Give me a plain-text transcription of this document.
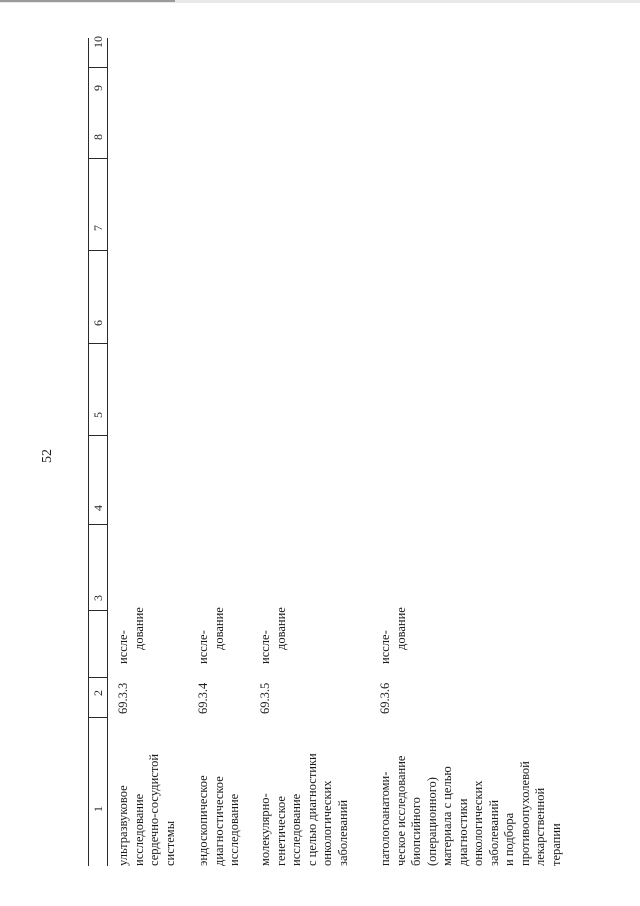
52
1
2
3
4
5
6
7
8
9
10
ультразвуковое исследование сердечно-сосудистой системы
69.3.3
иссле- дование
эндоскопическое диагностическое исследование
69.3.4
иссле- дование
молекулярно- генетическое исследование с целью диагностики онкологических заболеваний
69.3.5
иссле- дование
патологоанатоми- ческое исследование биопсийного (операционного) материала с целью диагностики онкологических заболеваний и подбора противоопухолевой лекарственной терапии
69.3.6
иссле- дование
